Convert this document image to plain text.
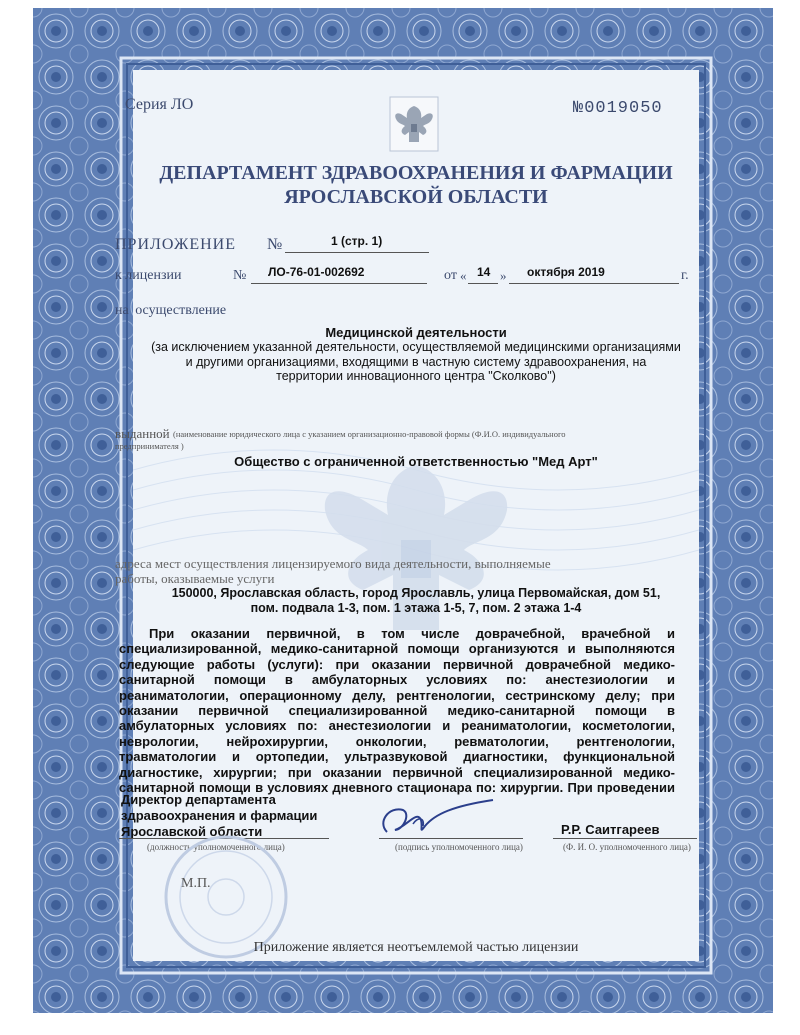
Серия ЛО	№0019050
ДЕПАРТАМЕНТ ЗДРАВООХРАНЕНИЯ И ФАРМАЦИИ
ЯРОСЛАВСКОЙ ОБЛАСТИ
ПРИЛОЖЕНИЕ №	1 (стр. 1)
к лицензии	№ ЛО-76-01-002692	от « 14 » октября 2019	г.
на осуществление
Медицинской деятельности
(за исключением указанной деятельности, осуществляемой медицинскими организациями
и другими организациями, входящими в частную систему здравоохранения, на
территории инновационного центра "Сколково")
выданной (наименование юридического лица с указанием организационно-правовой формы (Ф.И.О. индивидуального
предпринимателя )
Общество с ограниченной ответственностью "Мед Арт"
адреса мест осуществления лицензируемого вида деятельности, выполняемые
работы, оказываемые услуги
150000, Ярославская область, город Ярославль, улица Первомайская, дом 51,
пом. подвала 1-3, пом. 1 этажа 1-5, 7, пом. 2 этажа 1-4
При оказании первичной, в том числе доврачебной, врачебной и
специализированной, медико-санитарной помощи организуются и выполняются
следующие работы (услуги): при оказании первичной доврачебной медико-
санитарной помощи в амбулаторных условиях по: анестезиологии и
реаниматологии, операционному делу, рентгенологии, сестринскому делу; при
оказании первичной специализированной медико-санитарной помощи в
амбулаторных условиях по: анестезиологии и реаниматологии, косметологии,
неврологии, нейрохирургии, онкологии, ревматологии, рентгенологии,
травматологии и ортопедии, ультразвуковой диагностики, функциональной
диагностике, хирургии; при оказании первичной специализированной медико-
санитарной помощи в условиях дневного стационара по: хирургии. При проведении
Директор департамента
здравоохранения и фармации
Ярославской области
(должность уполномоченного лица)	(подпись уполномоченного лица)
Р.Р. Саитгареев
(Ф. И. О. уполномоченного лица)
М.П.
Приложение является неотъемлемой частью лицензии
